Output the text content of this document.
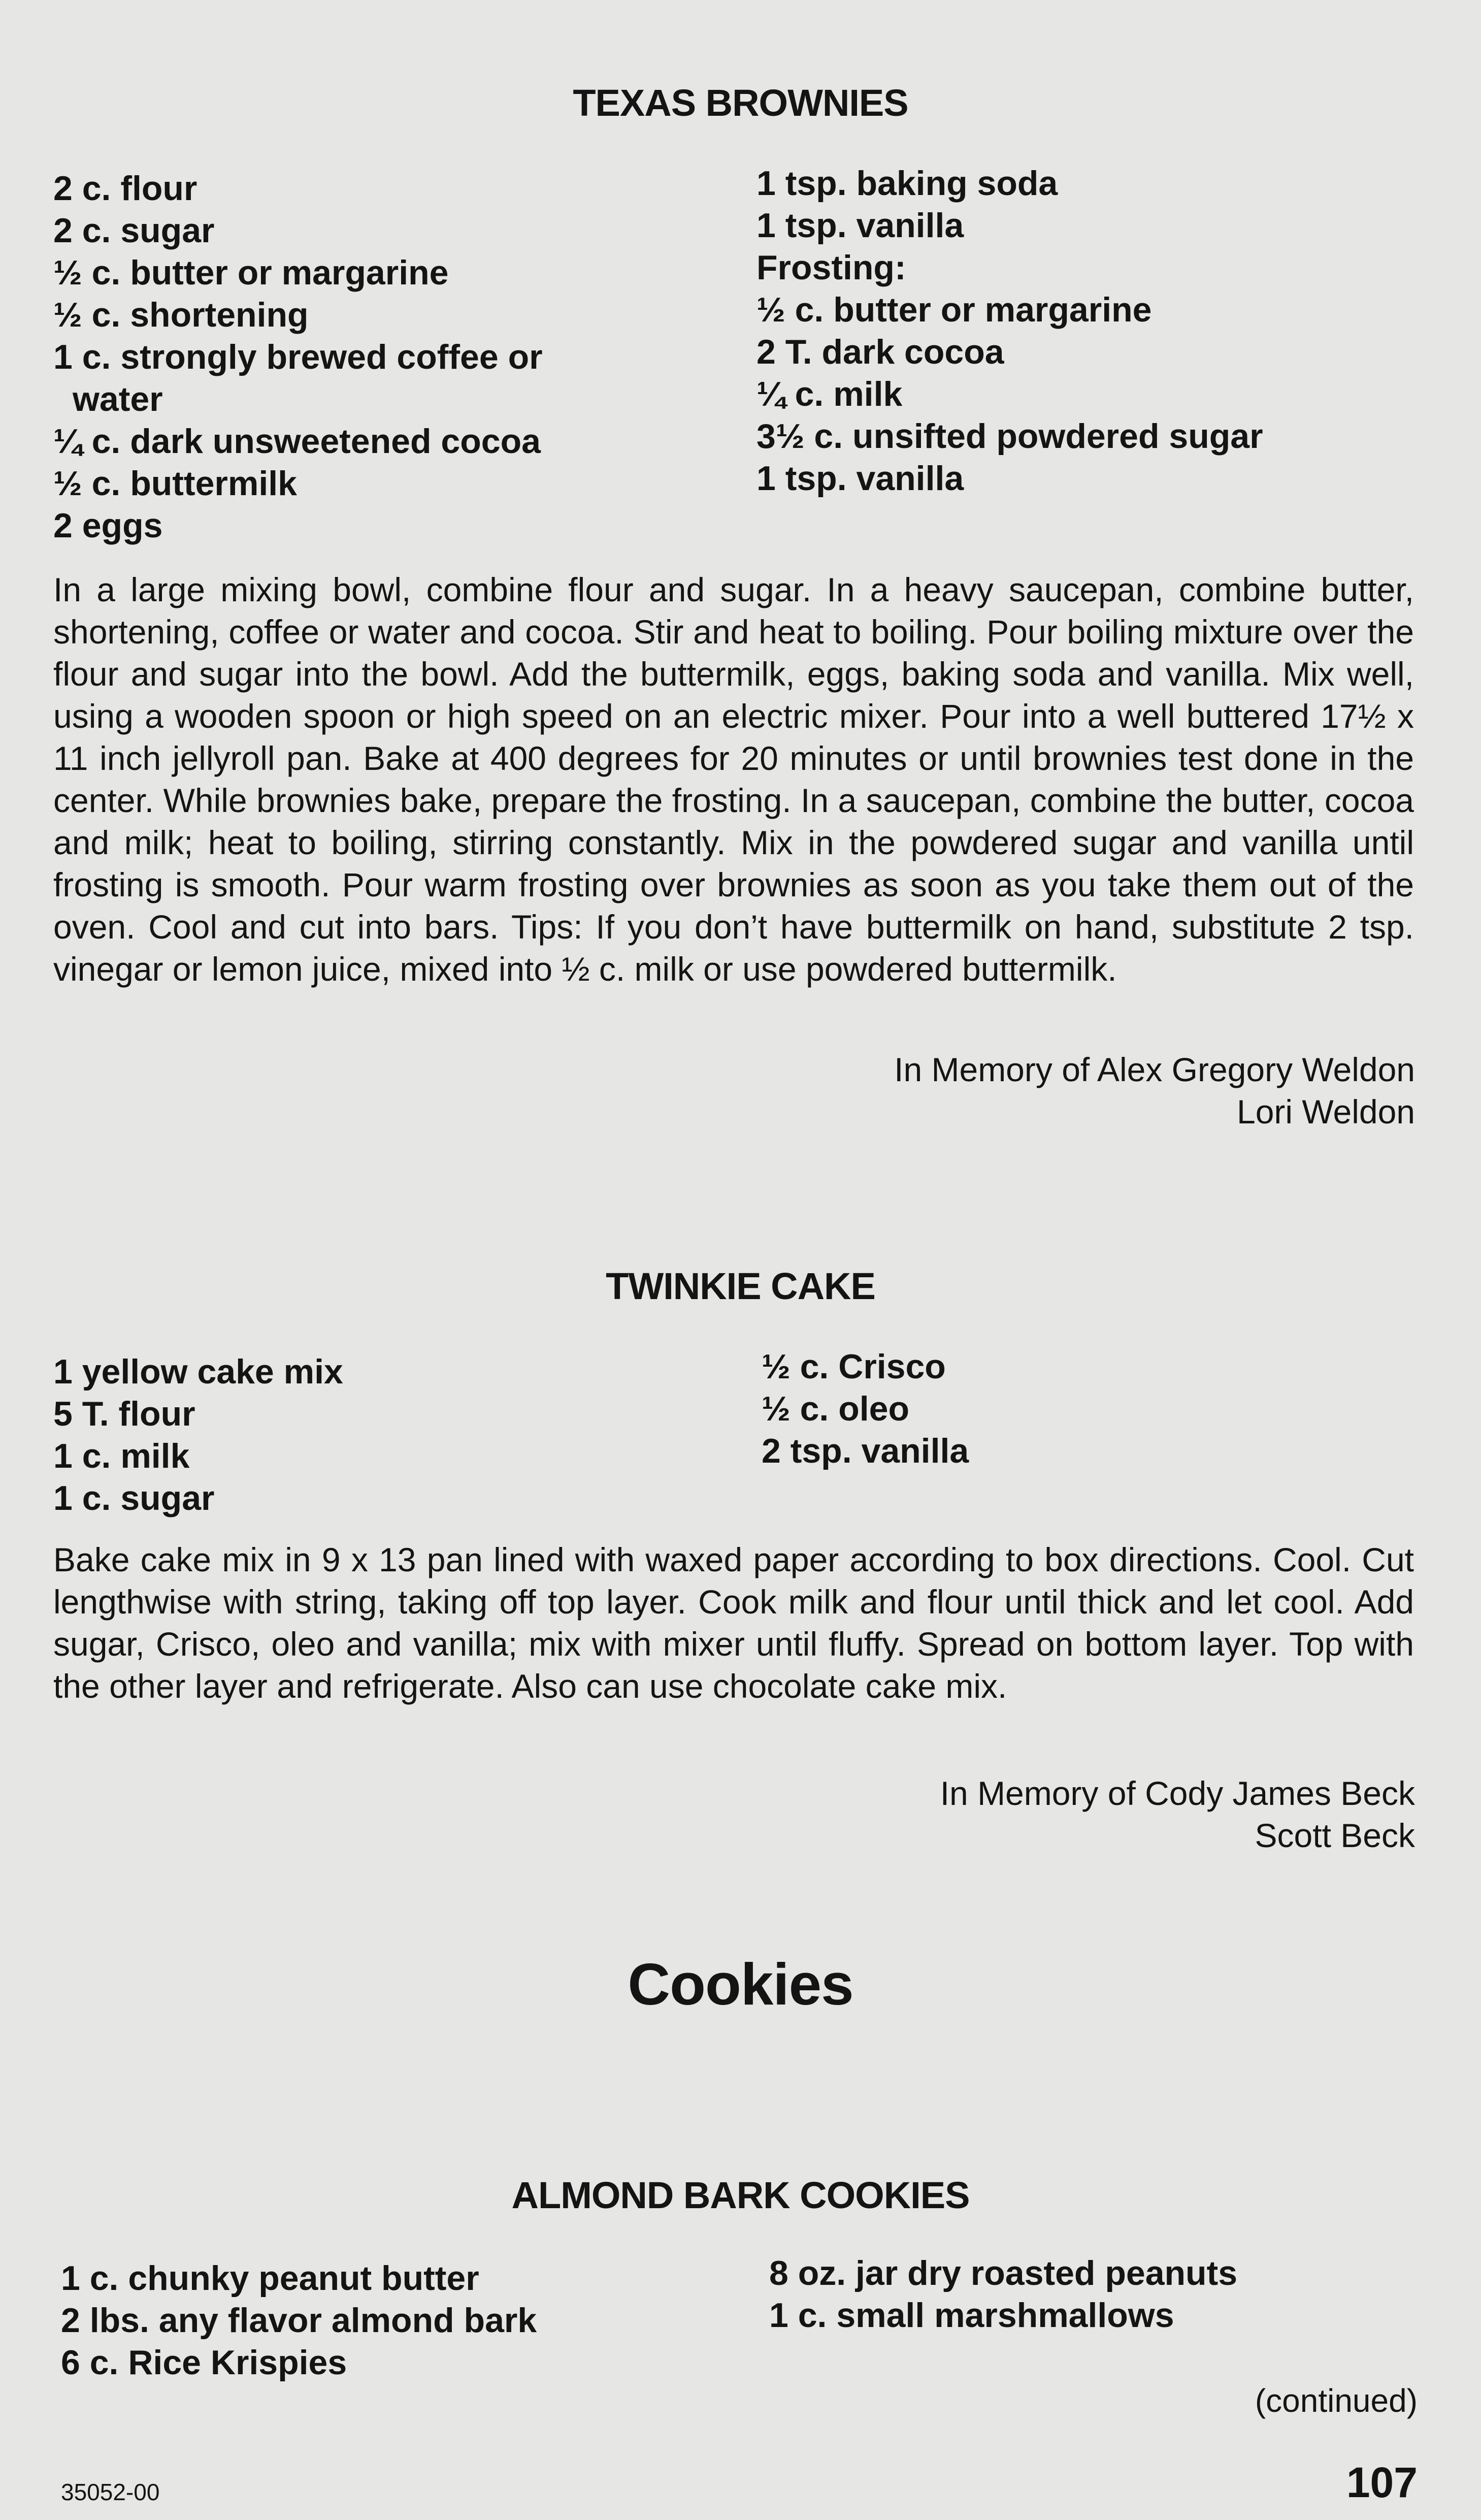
TEXAS BROWNIES
2 c. flour
2 c. sugar
½ c. butter or margarine
½ c. shortening
1 c. strongly brewed coffee or
water
¼ c. dark unsweetened cocoa
½ c. buttermilk
2 eggs
1 tsp. baking soda
1 tsp. vanilla
Frosting:
½ c. butter or margarine
2 T. dark cocoa
¼ c. milk
3½ c. unsifted powdered sugar
1 tsp. vanilla
In a large mixing bowl, combine flour and sugar. In a heavy saucepan, combine butter, shortening, coffee or water and cocoa. Stir and heat to boiling. Pour boiling mixture over the flour and sugar into the bowl. Add the buttermilk, eggs, baking soda and vanilla. Mix well, using a wooden spoon or high speed on an electric mixer. Pour into a well buttered 17½ x 11 inch jellyroll pan. Bake at 400 degrees for 20 minutes or until brownies test done in the center. While brownies bake, prepare the frosting. In a saucepan, combine the butter, cocoa and milk; heat to boiling, stirring constantly. Mix in the powdered sugar and vanilla until frosting is smooth. Pour warm frosting over brownies as soon as you take them out of the oven. Cool and cut into bars. Tips: If you don’t have buttermilk on hand, substitute 2 tsp. vinegar or lemon juice, mixed into ½ c. milk or use powdered buttermilk.
In Memory of Alex Gregory Weldon
Lori Weldon
TWINKIE CAKE
1 yellow cake mix
5 T. flour
1 c. milk
1 c. sugar
½ c. Crisco
½ c. oleo
2 tsp. vanilla
Bake cake mix in 9 x 13 pan lined with waxed paper according to box directions. Cool. Cut lengthwise with string, taking off top layer. Cook milk and flour until thick and let cool. Add sugar, Crisco, oleo and vanilla; mix with mixer until fluffy. Spread on bottom layer. Top with the other layer and refrigerate. Also can use chocolate cake mix.
In Memory of Cody James Beck
Scott Beck
Cookies
ALMOND BARK COOKIES
1 c. chunky peanut butter
2 lbs. any flavor almond bark
6 c. Rice Krispies
8 oz. jar dry roasted peanuts
1 c. small marshmallows
(continued)
35052-00	107
